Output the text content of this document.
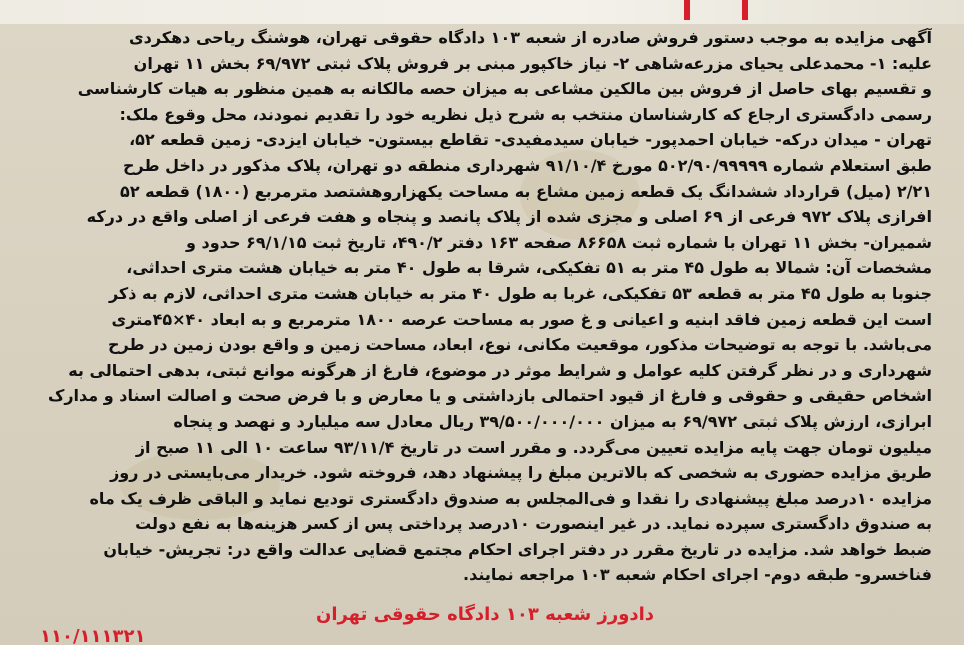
آگهی مزایده به موجب دستور فروش صادره از شعبه ۱۰۳ دادگاه حقوقی تهران، هوشنگ ریاحی دهکردی
علیه: ۱- محمدعلی یحیای مزرعه‌شاهی ۲- نیاز خاکپور مبنی بر فروش پلاک ثبتی ۶۹/۹۷۲ بخش ۱۱ تهران
و تقسیم بهای حاصل از فروش بین مالکین مشاعی به میزان حصه مالکانه به همین منظور به هیات کارشناسی
رسمی دادگستری ارجاع که کارشناسان منتخب به شرح ذیل نظریه خود را تقدیم نمودند، محل وقوع ملک:
تهران - میدان درکه- خیابان احمدپور- خیابان سیدمفیدی- تقاطع بیستون- خیابان ایزدی- زمین قطعه ۵۲،
طبق استعلام شماره ۵۰۲/۹۰/۹۹۹۹۹ مورخ ۹۱/۱۰/۴ شهرداری منطقه دو تهران، پلاک مذکور در داخل طرح
۲/۲۱ (میل) قرارداد ششدانگ یک قطعه زمین مشاع به مساحت یکهزاروهشتصد مترمربع (۱۸۰۰) قطعه ۵۲
افرازی پلاک ۹۷۲ فرعی از ۶۹ اصلی و مجزی شده از پلاک پانصد و پنجاه و هفت فرعی از اصلی واقع در درکه
شمیران- بخش ۱۱ تهران با شماره ثبت ۸۶۶۵۸ صفحه ۱۶۳ دفتر ۴۹۰/۲، تاریخ ثبت ۶۹/۱/۱۵ حدود و
مشخصات آن: شمالا به طول ۴۵ متر به ۵۱ تفکیکی، شرقا به طول ۴۰ متر به خیابان هشت متری احداثی،
جنوبا به طول ۴۵ متر به قطعه ۵۳ تفکیکی، غربا به طول ۴۰ متر به خیابان هشت متری احداثی، لازم به ذکر
است این قطعه زمین فاقد ابنیه و اعیانی و غ صور به مساحت عرصه ۱۸۰۰ مترمربع و به ابعاد ۴۰×۴۵متری
می‌باشد. با توجه به توضیحات مذکور، موقعیت مکانی، نوع، ابعاد، مساحت زمین و واقع بودن زمین در طرح
شهرداری و در نظر گرفتن کلیه عوامل و شرایط موثر در موضوع، فارغ از هرگونه موانع ثبتی، بدهی احتمالی به
اشخاص حقیقی و حقوقی و فارغ از قیود احتمالی بازداشتی و یا معارض و با فرض صحت و اصالت اسناد و مدارک
ابرازی، ارزش پلاک ثبتی ۶۹/۹۷۲ به میزان ۳۹/۵۰۰/۰۰۰/۰۰۰ ریال معادل سه میلیارد و نهصد و پنجاه
میلیون تومان جهت پایه مزایده تعیین می‌گردد. و مقرر است در تاریخ ۹۳/۱۱/۴ ساعت ۱۰ الی ۱۱ صبح از
طریق مزایده حضوری به شخصی که بالاترین مبلغ را پیشنهاد دهد، فروخته شود. خریدار می‌بایستی در روز
مزایده ۱۰درصد مبلغ پیشنهادی را نقدا و فی‌المجلس به صندوق دادگستری تودیع نماید و الباقی ظرف یک ماه
به صندوق دادگستری سپرده نماید. در غیر اینصورت ۱۰درصد پرداختی پس از کسر هزینه‌ها به نفع دولت
ضبط خواهد شد. مزایده در تاریخ مقرر در دفتر اجرای احکام مجتمع قضایی عدالت واقع در: تجریش- خیابان
فناخسرو- طبقه دوم- اجرای احکام شعبه ۱۰۳ مراجعه نمایند.
دادورز شعبه ۱۰۳ دادگاه حقوقی تهران
۱۱۰/۱۱۱۳۲۱
